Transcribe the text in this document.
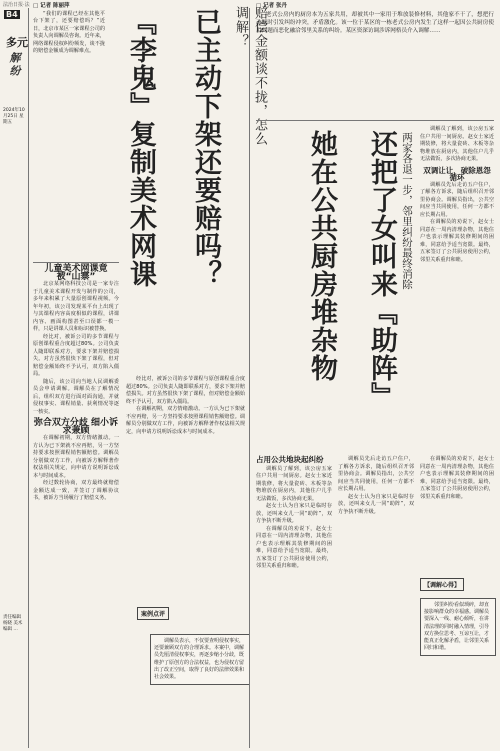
法治日报·法
B4
多元
解纷
2024年10月25日 星期五
责任编辑 杨晓 美术编辑 …
□ 记者 陈丽萍

“我们的课程已经在其他平台下架了，还要赔偿吗？”近日，北京市某区一家课程公司的负责人向调解员咨询。近年来，网络课程侵权纠纷频发，谈不拢的赔偿金额成为调解难点。	赔偿金额谈不拢，怎么调解？
已主动下架还要赔吗？
『李鬼』复制美术网课
儿童美术网课竟被“山寨”

北京某网络科技公司是一家专注于儿童美术课程开发与制作的公司，多年来积累了大量原创课程视频。今年年初，该公司发现某平台上出现了与其课程内容高度相似的课程，讲课内容、画面构图甚至口误都一模一样，只是讲课人员和标识被替换。

经比对，被诉公司的多节课程与原创课程重合度超过80%。公司负责人随即联系对方，要求下架并赔偿损失。对方虽然很快下架了课程，但对赔偿金额始终不予认可，双方陷入僵局。

随后，该公司向当地人民调解委员会申请调解。调解员在了解情况后，组织双方进行面对面沟通，并就侵权事实、课程销量、获利情况等逐一核实。

弥合双方分歧 细小诉求兼顾

在调解初期，双方情绪激动。一方认为已下架就不应再赔，另一方坚持要求按照课程销售额赔偿。调解员分别做双方工作，向被诉方解释著作权法相关规定，向申请方说明诉讼成本与时间成本。

经过数轮协商，双方最终就赔偿金额达成一致，并签订了调解协议书，被诉方当场履行了赔偿义务。

经比对，被诉公司的多节课程与原创课程重合度超过80%。公司负责人随即联系对方，要求下架并赔偿损失。对方虽然很快下架了课程，但对赔偿金额始终不予认可，双方陷入僵局。

在调解初期，双方情绪激动。一方认为已下架就不应再赔，另一方坚持要求按照课程销售额赔偿。调解员分别做双方工作，向被诉方解释著作权法相关规定，向申请方说明诉讼成本与时间成本。

案例点评

调解员表示，不仅要查明侵权事实，还要兼顾双方的合理诉求。本案中，调解员先厘清侵权事实，再逐步缩小分歧，既维护了原创方的合法权益，也为侵权方留出了改正空间，取得了良好的法律效果和社会效果。

□ 记者 张丹

老式公房内的厨房本为五家共用，却被其中一家用于堆放装修材料，其他家不干了，想把行动题时引发纠纷冲突，矛盾激化。该一位于某区的一栋老式公房内发生了这样一起因公共厨房使用问题而恶化融洽邻里关系的纠纷。某区资深访调涉诉网格员介入调解……

两家各退一步，邻里纠纷最终消除
还把了女叫来『助阵』
她在公共厨房堆杂物

调解员了解到，该公房五家住户共用一间厨房。赵女士家近期装修，将大量瓷砖、木板等杂物堆放在厨房内，其他住户几乎无法做饭，多次协商无果。

双调让让，破除恩怨循环

调解员先后走访五户住户，了解各方诉求，随后组织召开邻里协商会。调解员指出，公共空间应当共同使用，任何一方都不应长期占用。

在调解员的劝说下，赵女士同意在一周内清理杂物，其他住户也表示理解其装修期间的困难，同意给予适当宽限。最终，五家签订了公共厨房使用公约，邻里关系重归和睦。

占用公共地块起纠纷

调解员了解到，该公房五家住户共用一间厨房。赵女士家近期装修，将大量瓷砖、木板等杂物堆放在厨房内，其他住户几乎无法做饭，多次协商无果。

赵女士认为自家只是临时存放，还叫来女儿一同“助阵”，双方争执不断升级。

在调解员的劝说下，赵女士同意在一周内清理杂物，其他住户也表示理解其装修期间的困难，同意给予适当宽限。最终，五家签订了公共厨房使用公约，邻里关系重归和睦。

调解员先后走访五户住户，了解各方诉求，随后组织召开邻里协商会。调解员指出，公共空间应当共同使用，任何一方都不应长期占用。

赵女士认为自家只是临时存放，还叫来女儿一同“助阵”，双方争执不断升级。

在调解员的劝说下，赵女士同意在一周内清理杂物，其他住户也表示理解其装修期间的困难，同意给予适当宽限。最终，五家签订了公共厨房使用公约，邻里关系重归和睦。

【调解心得】

邻里纠纷看似琐碎，却直接影响群众的幸福感。调解员要深入一线、耐心倾听，在讲清法理的同时融入情理，引导双方换位思考、互谅互让，才能真正化解矛盾，让邻里关系回归和谐。
